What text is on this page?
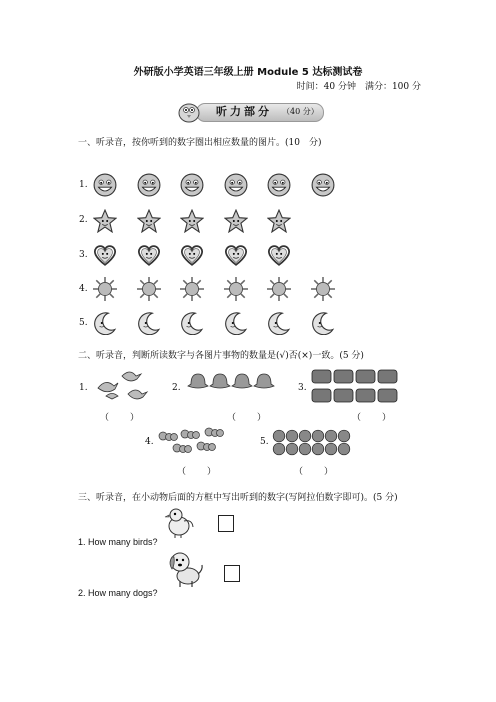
外研版小学英语三年级上册 Module 5 达标测试卷
时间：40 分钟　满分：100 分
听力部分 （40 分）
一、听录音，按你听到的数字圈出相应数量的图片。(10　分)
1.
2.
3.
4.
5.
二、听录音，判断所读数字与各图片事物的数量是(√)否(×)一致。(5 分)
1.
（　　）
2.
（　　）
3.
（　　）
4.
（　　）
5.
（　　）
三、听录音，在小动物后面的方框中写出听到的数字(写阿拉伯数字即可)。(5 分)
1. How many birds?
2. How many dogs?
